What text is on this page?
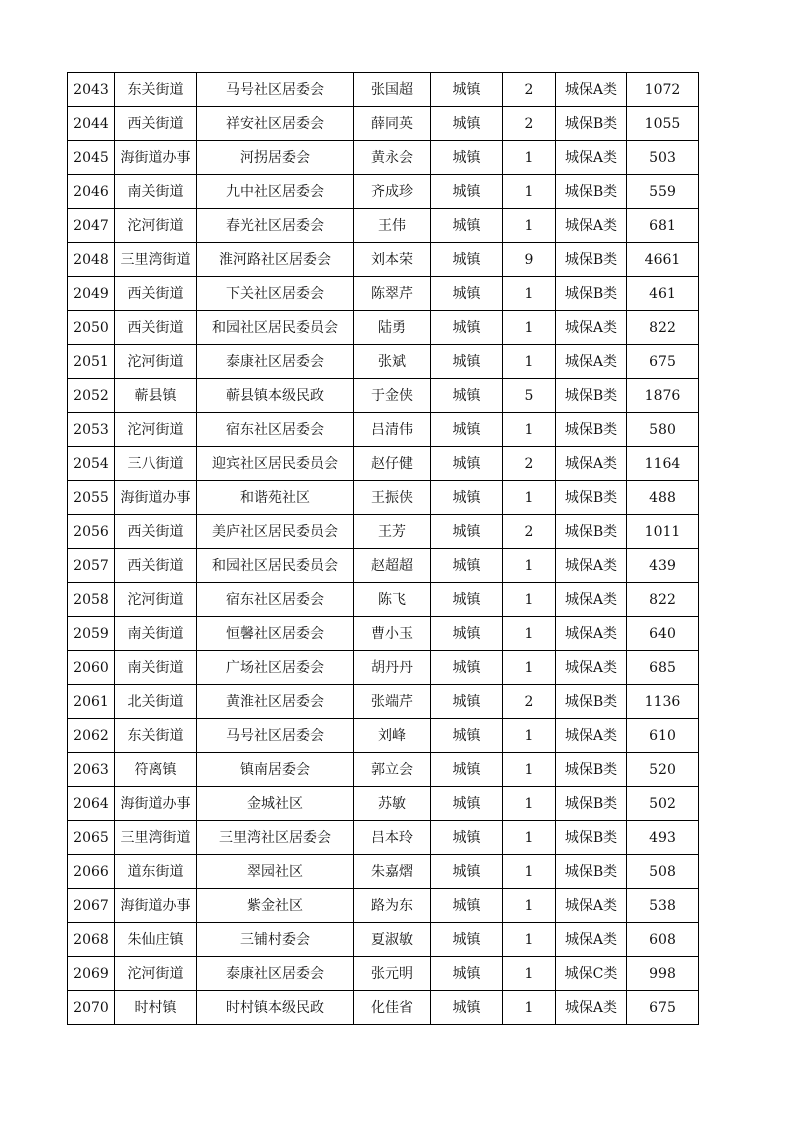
2043	东关街道	马号社区居委会	张国超	城镇	2	城保A类	1072
2044	西关街道	祥安社区居委会	薛同英	城镇	2	城保B类	1055
2045	海街道办事	河拐居委会	黄永会	城镇	1	城保A类	503
2046	南关街道	九中社区居委会	齐成珍	城镇	1	城保B类	559
2047	沱河街道	春光社区居委会	王伟	城镇	1	城保A类	681
2048	三里湾街道	淮河路社区居委会	刘本荣	城镇	9	城保B类	4661
2049	西关街道	下关社区居委会	陈翠芹	城镇	1	城保B类	461
2050	西关街道	和园社区居民委员会	陆勇	城镇	1	城保A类	822
2051	沱河街道	泰康社区居委会	张斌	城镇	1	城保A类	675
2052	蕲县镇	蕲县镇本级民政	于金侠	城镇	5	城保B类	1876
2053	沱河街道	宿东社区居委会	吕清伟	城镇	1	城保B类	580
2054	三八街道	迎宾社区居民委员会	赵仔健	城镇	2	城保A类	1164
2055	海街道办事	和谐苑社区	王振侠	城镇	1	城保B类	488
2056	西关街道	美庐社区居民委员会	王芳	城镇	2	城保B类	1011
2057	西关街道	和园社区居民委员会	赵超超	城镇	1	城保A类	439
2058	沱河街道	宿东社区居委会	陈飞	城镇	1	城保A类	822
2059	南关街道	恒馨社区居委会	曹小玉	城镇	1	城保A类	640
2060	南关街道	广场社区居委会	胡丹丹	城镇	1	城保A类	685
2061	北关街道	黄淮社区居委会	张端芹	城镇	2	城保B类	1136
2062	东关街道	马号社区居委会	刘峰	城镇	1	城保A类	610
2063	符离镇	镇南居委会	郭立会	城镇	1	城保B类	520
2064	海街道办事	金城社区	苏敏	城镇	1	城保B类	502
2065	三里湾街道	三里湾社区居委会	吕本玲	城镇	1	城保B类	493
2066	道东街道	翠园社区	朱嘉熠	城镇	1	城保B类	508
2067	海街道办事	紫金社区	路为东	城镇	1	城保A类	538
2068	朱仙庄镇	三铺村委会	夏淑敏	城镇	1	城保A类	608
2069	沱河街道	泰康社区居委会	张元明	城镇	1	城保C类	998
2070	时村镇	时村镇本级民政	化佳省	城镇	1	城保A类	675
